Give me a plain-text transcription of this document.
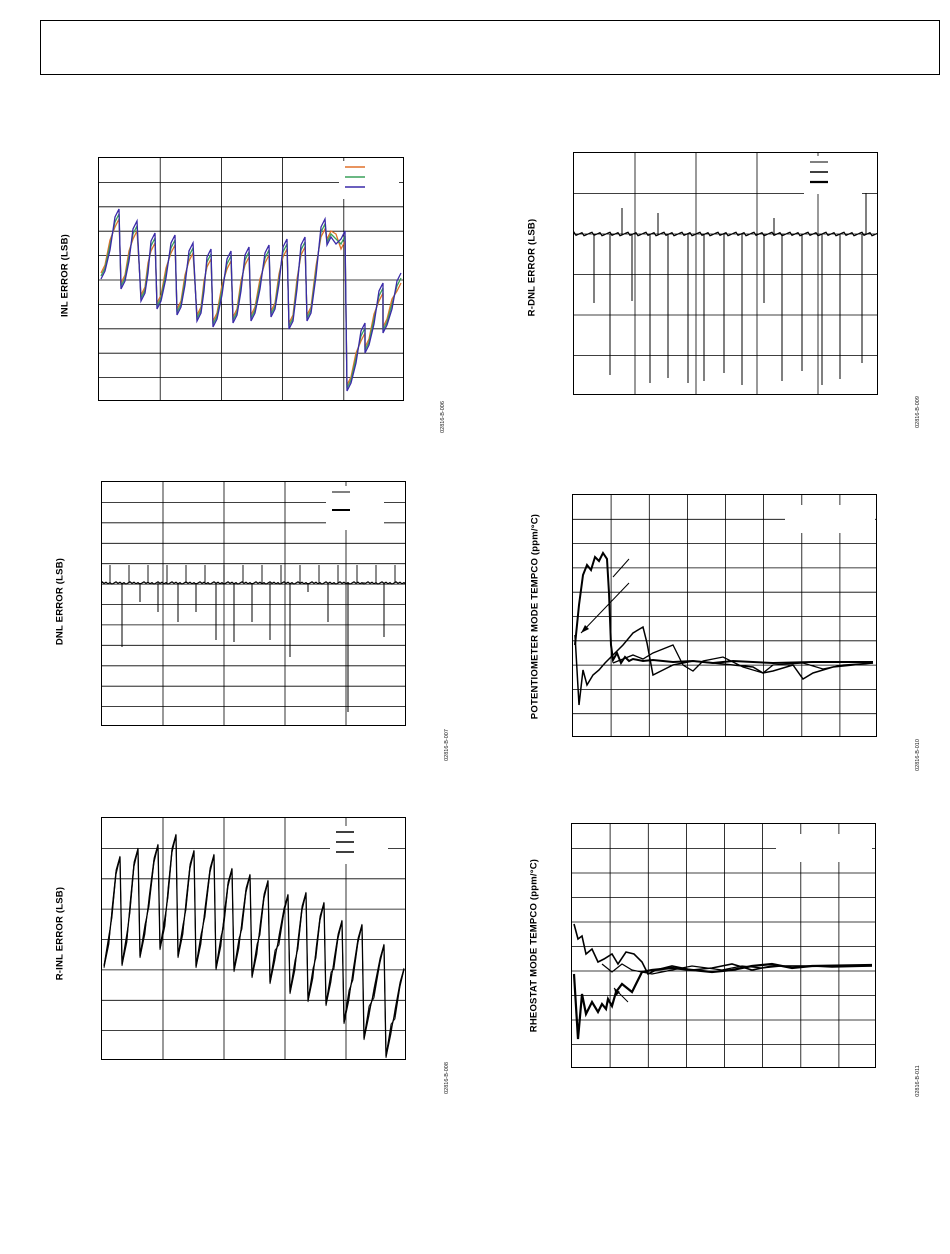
INL ERROR (LSB)
02816-B-006
DNL ERROR (LSB)
02816-B-007
R-INL ERROR (LSB)
02816-B-008
R-DNL ERROR (LSB)
02816-B-009
POTENTIOMETER MODE TEMPCO (ppm/°C)
02816-B-010
RHEOSTAT MODE TEMPCO (ppm/°C)
02816-B-011
